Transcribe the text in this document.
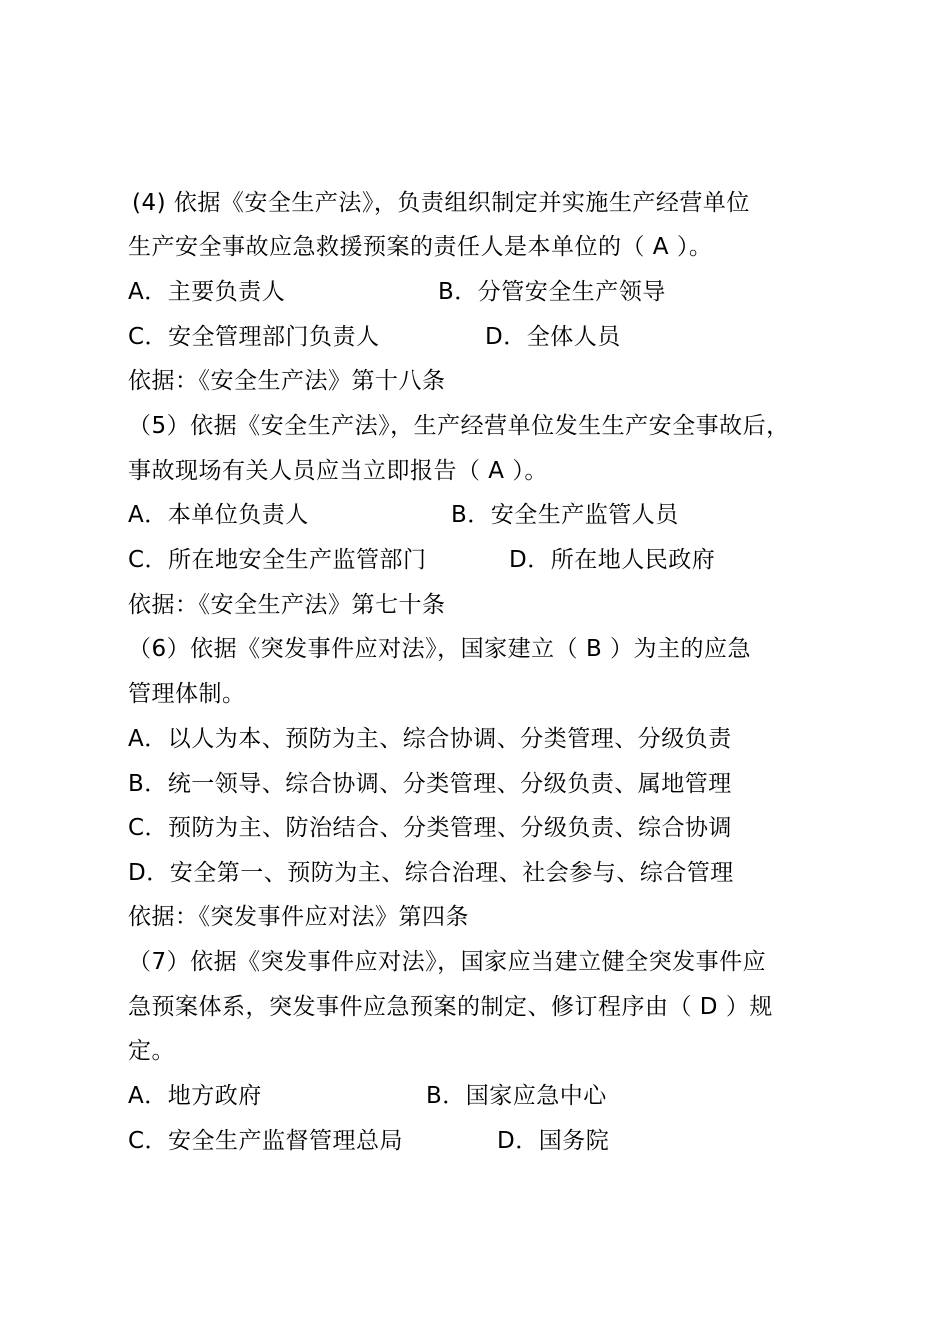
(4) 依据《安全生产法》，负责组织制定并实施生产经营单位
生产安全事故应急救援预案的责任人是本单位的（ A ）。
A．主要负责人	B．分管安全生产领导
C．安全管理部门负责人	D．全体人员
依据：《安全生产法》第十八条
（5）依据《安全生产法》，生产经营单位发生生产安全事故后，
事故现场有关人员应当立即报告（ A ）。
A．本单位负责人	B．安全生产监管人员
C．所在地安全生产监管部门	D．所在地人民政府
依据：《安全生产法》第七十条
（6）依据《突发事件应对法》，国家建立（ B ）为主的应急
管理体制。
A．以人为本、预防为主、综合协调、分类管理、分级负责
B．统一领导、综合协调、分类管理、分级负责、属地管理
C．预防为主、防治结合、分类管理、分级负责、综合协调
D．安全第一、预防为主、综合治理、社会参与、综合管理
依据：《突发事件应对法》第四条
（7）依据《突发事件应对法》，国家应当建立健全突发事件应
急预案体系，突发事件应急预案的制定、修订程序由（ D ）规
定。
A．地方政府	B．国家应急中心
C．安全生产监督管理总局	D．国务院
